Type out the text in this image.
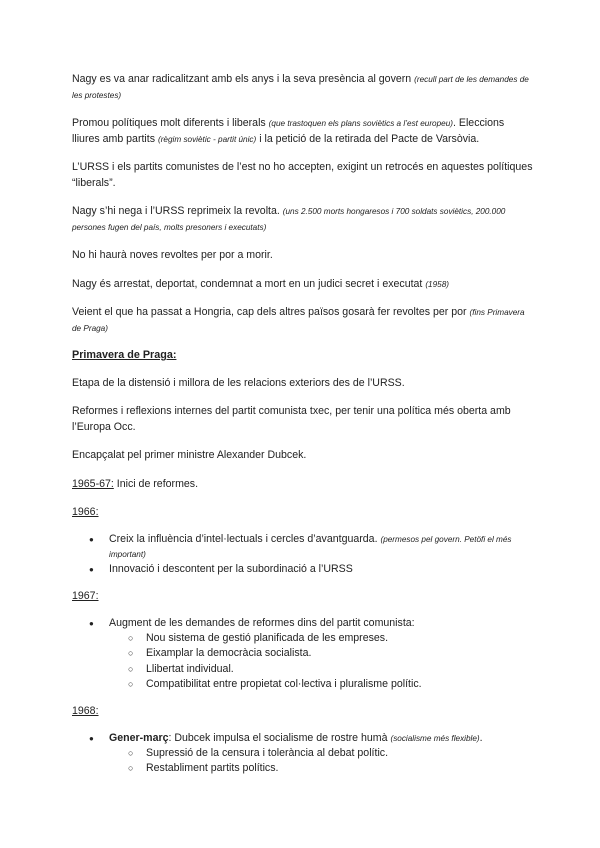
Nagy es va anar radicalitzant amb els anys i la seva presència al govern (recull part de les demandes de les protestes)

Promou polítiques molt diferents i liberals (que trastoquen els plans soviètics a l’est europeu). Eleccions lliures amb partits (règim soviètic - partit únic) i la petició de la retirada del Pacte de Varsòvia.

L’URSS i els partits comunistes de l’est no ho accepten, exigint un retrocés en aquestes polítiques “liberals”.

Nagy s’hi nega i l’URSS reprimeix la revolta. (uns 2.500 morts hongaresos i 700 soldats soviètics, 200.000 persones fugen del país, molts presoners i executats)

No hi haurà noves revoltes per por a morir.

Nagy és arrestat, deportat, condemnat a mort en un judici secret i executat (1958)

Veient el que ha passat a Hongria, cap dels altres països gosarà fer revoltes per por (fins Primavera de Praga)

Primavera de Praga:

Etapa de la distensió i millora de les relacions exteriors des de l’URSS.

Reformes i reflexions internes del partit comunista txec, per tenir una política més oberta amb l’Europa Occ.

Encapçalat pel primer ministre Alexander Dubcek.

1965-67: Inici de reformes.

1966:

● Creix la influència d’intel·lectuals i cercles d’avantguarda. (permesos pel govern. Petöfi el més important)
● Innovació i descontent per la subordinació a l’URSS

1967:

● Augment de les demandes de reformes dins del partit comunista:
○ Nou sistema de gestió planificada de les empreses.
○ Eixamplar la democràcia socialista.
○ Llibertat individual.
○ Compatibilitat entre propietat col·lectiva i pluralisme polític.

1968:

● Gener-març: Dubcek impulsa el socialisme de rostre humà (socialisme més flexible).
○ Supressió de la censura i tolerància al debat polític.
○ Restabliment partits polítics.
